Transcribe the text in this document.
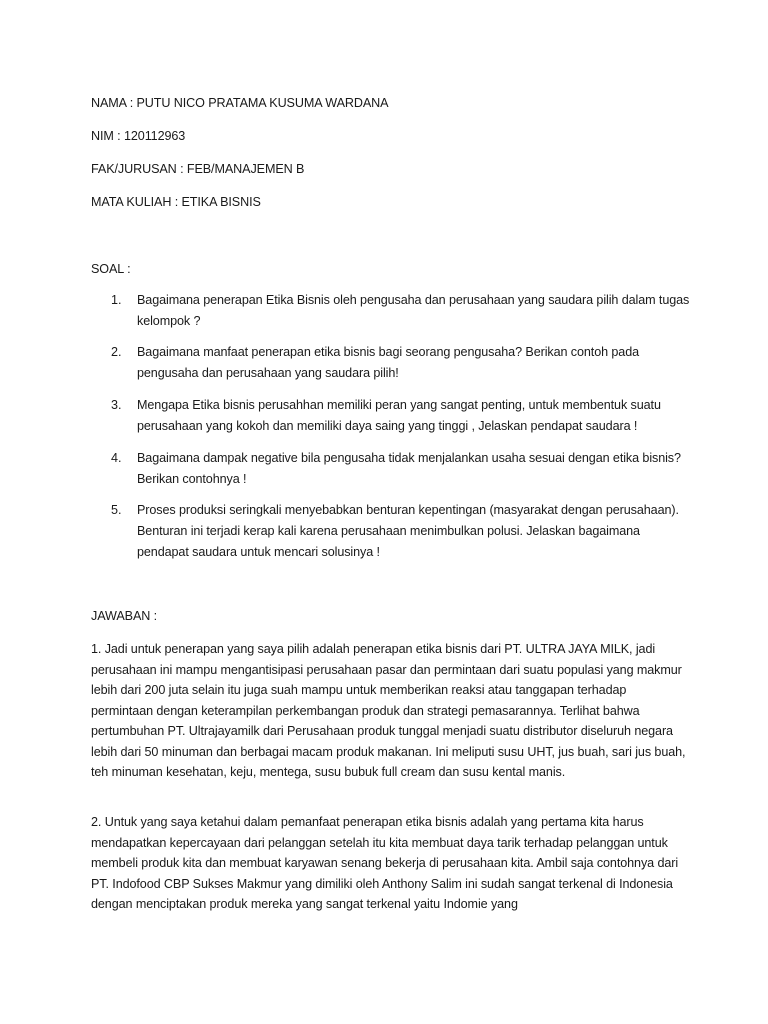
NAMA : PUTU NICO PRATAMA KUSUMA WARDANA
NIM : 120112963
FAK/JURUSAN : FEB/MANAJEMEN B
MATA KULIAH : ETIKA BISNIS
SOAL :
1. Bagaimana penerapan Etika Bisnis oleh pengusaha dan perusahaan yang saudara pilih dalam tugas kelompok ?
2. Bagaimana manfaat penerapan etika bisnis bagi seorang pengusaha? Berikan contoh pada pengusaha dan perusahaan yang saudara pilih!
3. Mengapa Etika bisnis perusahhan memiliki peran yang sangat penting, untuk membentuk suatu perusahaan yang kokoh dan memiliki daya saing yang tinggi , Jelaskan pendapat saudara !
4. Bagaimana dampak negative bila pengusaha tidak menjalankan usaha sesuai dengan etika bisnis? Berikan contohnya !
5. Proses produksi seringkali menyebabkan benturan kepentingan (masyarakat dengan perusahaan). Benturan ini terjadi kerap kali karena perusahaan menimbulkan polusi. Jelaskan bagaimana pendapat saudara untuk mencari solusinya !
JAWABAN :
1. Jadi untuk penerapan yang saya pilih adalah penerapan etika bisnis dari PT. ULTRA JAYA MILK, jadi perusahaan ini mampu mengantisipasi perusahaan pasar dan permintaan dari suatu populasi yang makmur lebih dari 200 juta selain itu juga suah mampu untuk memberikan reaksi atau tanggapan terhadap permintaan dengan keterampilan perkembangan produk dan strategi pemasarannya. Terlihat bahwa pertumbuhan PT. Ultrajayamilk dari Perusahaan produk tunggal menjadi suatu distributor diseluruh negara lebih dari 50 minuman dan berbagai macam produk makanan. Ini meliputi susu UHT, jus buah, sari jus buah, teh minuman kesehatan, keju, mentega, susu bubuk full cream dan susu kental manis.
2. Untuk yang saya ketahui dalam pemanfaat penerapan etika bisnis adalah yang pertama kita harus mendapatkan kepercayaan dari pelanggan setelah itu kita membuat daya tarik terhadap pelanggan untuk membeli produk kita dan membuat karyawan senang bekerja di perusahaan kita. Ambil saja contohnya dari PT. Indofood CBP Sukses Makmur yang dimiliki oleh Anthony Salim ini sudah sangat terkenal di Indonesia dengan menciptakan produk mereka yang sangat terkenal yaitu Indomie yang
